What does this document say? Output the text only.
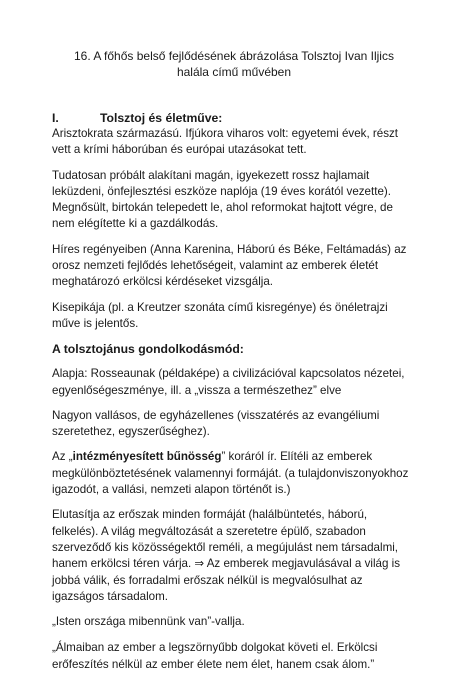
16. A főhős belső fejlődésének ábrázolása Tolsztoj Ivan Iljics halála című művében
I.	Tolsztoj és életműve:

Arisztokrata származású. Ifjúkora viharos volt: egyetemi évek, részt vett a krími háborúban és európai utazásokat tett.

Tudatosan próbált alakítani magán, igyekezett rossz hajlamait leküzdeni, önfejlesztési eszköze naplója (19 éves korától vezette). Megnősült, birtokán telepedett le, ahol reformokat hajtott végre, de nem elégítette ki a gazdálkodás.

Híres regényeiben (Anna Karenina, Háború és Béke, Feltámadás) az orosz nemzeti fejlődés lehetőségeit, valamint az emberek életét meghatározó erkölcsi kérdéseket vizsgálja.

Kisepikája (pl. a Kreutzer szonáta című kisregénye) és önéletrajzi műve is jelentős.

A tolsztojánus gondolkodásmód:

Alapja: Rosseaunak (példaképe) a civilizációval kapcsolatos nézetei, egyenlőségeszménye, ill. a „vissza a természethez” elve

Nagyon vallásos, de egyházellenes (visszatérés az evangéliumi szeretethez, egyszerűséghez).

Az „intézményesített bűnösség” koráról ír. Elítéli az emberek megkülönböztetésének valamennyi formáját. (a tulajdonviszonyokhoz igazodót, a vallási, nemzeti alapon történőt is.)

Elutasítja az erőszak minden formáját (halálbüntetés, háború, felkelés). A világ megváltozását a szeretetre épülő, szabadon szerveződő kis közösségektől reméli, a megújulást nem társadalmi, hanem erkölcsi téren várja. ⇒ Az emberek megjavulásával a világ is jobbá válik, és forradalmi erőszak nélkül is megvalósulhat az igazságos társadalom.

„Isten országa mibennünk van”-vallja.

„Álmaiban az ember a legszörnyűbb dolgokat követi el. Erkölcsi erőfeszítés nélkül az ember élete nem élet, hanem csak álom.”
